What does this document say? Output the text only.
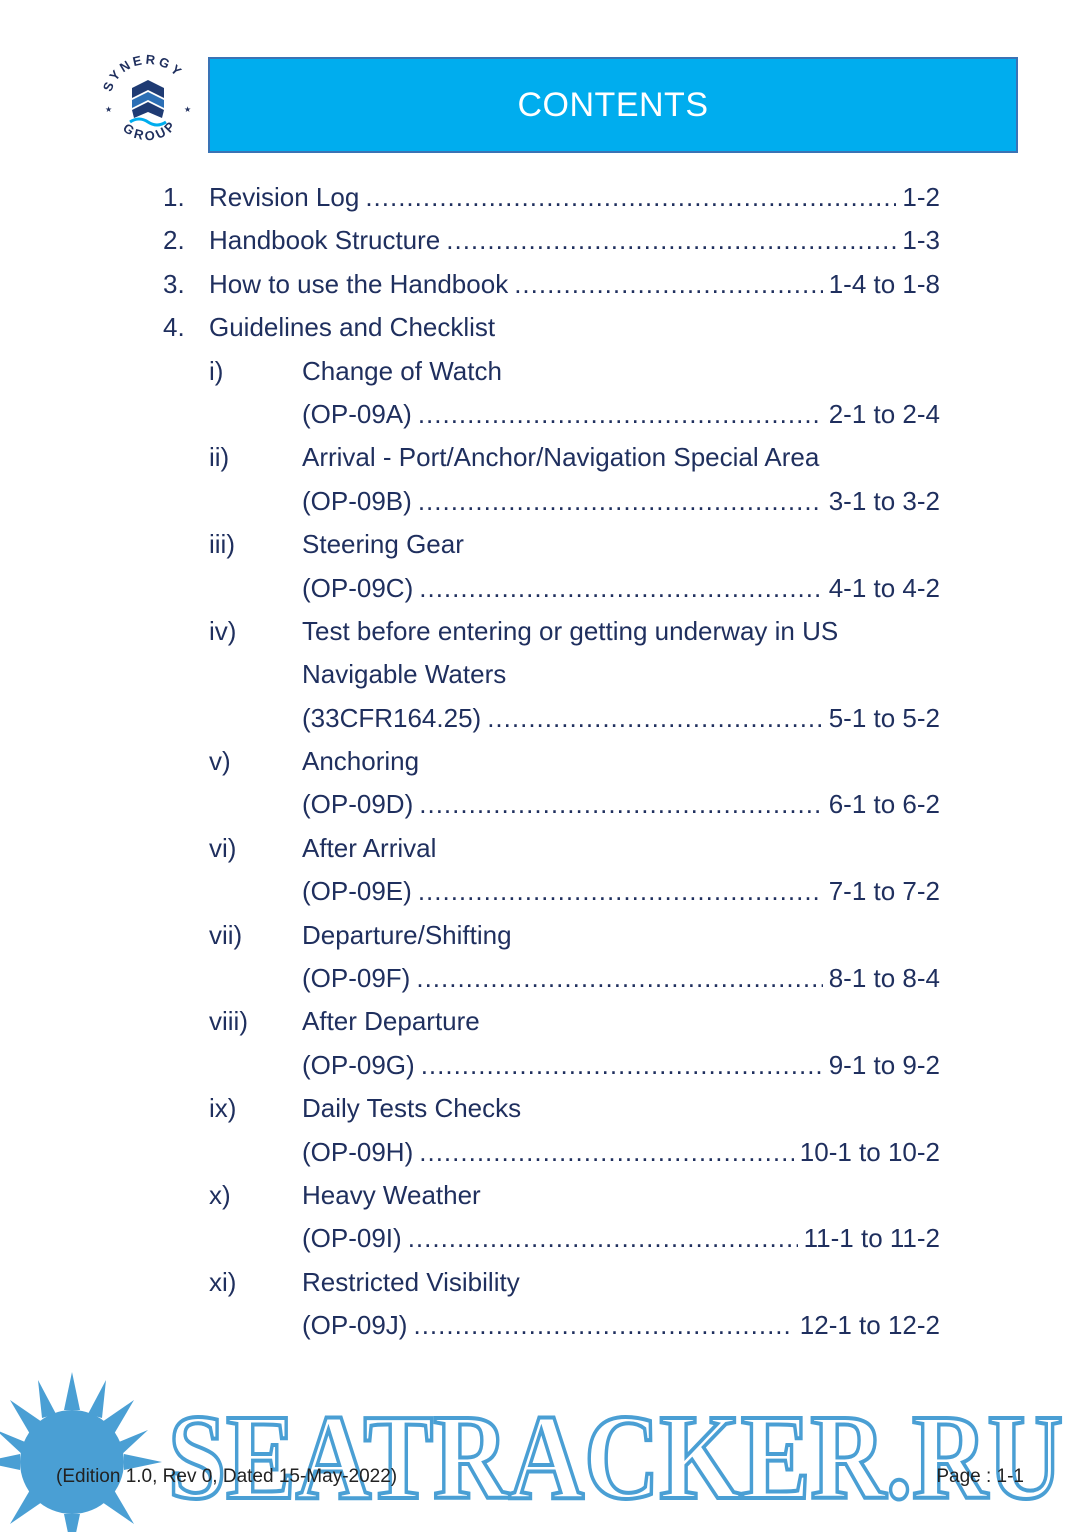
SYNERGY
GROUP
★	★	CONTENTS
1. Revision Log .....	1-2
2. Handbook Structure .....	1-3
3. How to use the Handbook .....	1-4 to 1-8
4. Guidelines and Checklist
i)	Change of Watch
(OP-09A) .....	2-1 to 2-4
ii)	Arrival - Port/Anchor/Navigation Special Area
(OP-09B) .....	3-1 to 3-2
iii)	Steering Gear
(OP-09C) .....	4-1 to 4-2
iv)	Test before entering or getting underway in US
Navigable Waters
(33CFR164.25) .....	5-1 to 5-2
v)	Anchoring
(OP-09D) .....	6-1 to 6-2
vi)	After Arrival
(OP-09E) .....	7-1 to 7-2
vii) Departure/Shifting
(OP-09F) .....	8-1 to 8-4
viii) After Departure
(OP-09G) .....	9-1 to 9-2
ix)	Daily Tests Checks
(OP-09H) .....	10-1 to 10-2
x)	Heavy Weather
(OP-09I) .....	11-1 to 11-2
xi)	Restricted Visibility
(OP-09J) .....	12-1 to 12-2
SEATRACKER.RU
(Edition 1.0, Rev 0, Dated 15-May-2022)	Page : 1-1
